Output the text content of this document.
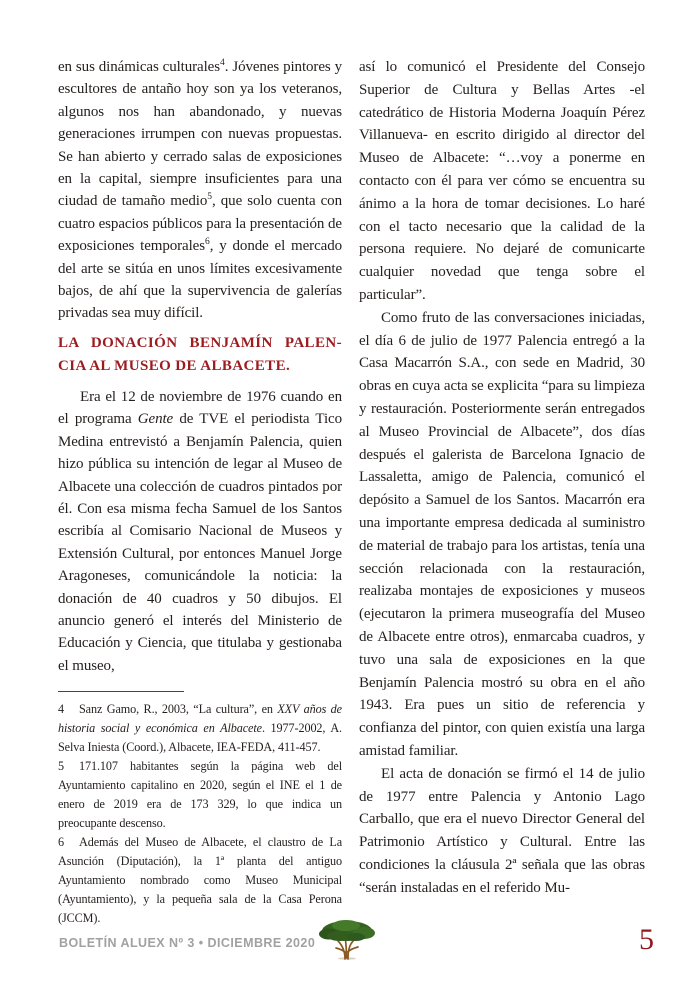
en sus dinámicas culturales$^4$. Jóvenes pintores y escultores de antaño hoy son ya los veteranos, algunos nos han abandonado, y nuevas generaciones irrumpen con nuevas propuestas. Se han abierto y cerrado salas de exposiciones en la capital, siempre insuficientes para una ciudad de tamaño medio$^5$, que solo cuenta con cuatro espacios públicos para la presentación de exposiciones temporales$^6$, y donde el mercado del arte se sitúa en unos límites excesivamente bajos, de ahí que la supervivencia de galerías privadas sea muy difícil.

LA DONACIÓN BENJAMÍN PALEN-
CIA AL MUSEO DE ALBACETE.

Era el 12 de noviembre de 1976 cuando en el programa Gente de TVE el periodista Tico Medina entrevistó a Benjamín Palencia, quien hizo pública su intención de legar al Museo de Albacete una colección de cuadros pintados por él. Con esa misma fecha Samuel de los Santos escribía al Comisario Nacional de Museos y Extensión Cultural, por entonces Manuel Jorge Aragoneses, comunicándole la noticia: la donación de 40 cuadros y 50 dibujos. El anuncio generó el interés del Ministerio de Educación y Ciencia, que titulaba y gestionaba el museo,

4 Sanz Gamo, R., 2003, “La cultura”, en XXV años de historia social y económica en Albacete. 1977-2002, A. Selva Iniesta (Coord.), Albacete, IEA-FEDA, 411-457.

5 171.107 habitantes según la página web del Ayuntamiento capitalino en 2020, según el INE el 1 de enero de 2019 era de 173 329, lo que indica un preocupante descenso.

6 Además del Museo de Albacete, el claustro de La Asunción (Diputación), la 1ª planta del antiguo Ayuntamiento nombrado como Museo Municipal (Ayuntamiento), y la pequeña sala de la Casa Perona (JCCM).

así lo comunicó el Presidente del Consejo Superior de Cultura y Bellas Artes -el catedrático de Historia Moderna Joaquín Pérez Villanueva- en escrito dirigido al director del Museo de Albacete: “…voy a ponerme en contacto con él para ver cómo se encuentra su ánimo a la hora de tomar decisiones. Lo haré con el tacto necesario que la calidad de la persona requiere. No dejaré de comunicarte cualquier novedad que tenga sobre el particular”.

Como fruto de las conversaciones iniciadas, el día 6 de julio de 1977 Palencia entregó a la Casa Macarrón S.A., con sede en Madrid, 30 obras en cuya acta se explicita “para su limpieza y restauración. Posteriormente serán entregados al Museo Provincial de Albacete”, dos días después el galerista de Barcelona Ignacio de Lassaletta, amigo de Palencia, comunicó el depósito a Samuel de los Santos. Macarrón era una importante empresa dedicada al suministro de material de trabajo para los artistas, tenía una sección relacionada con la restauración, realizaba montajes de exposiciones y museos (ejecutaron la primera museografía del Museo de Albacete entre otros), enmarcaba cuadros, y tuvo una sala de exposiciones en la que Benjamín Palencia mostró su obra en el año 1943. Era pues un sitio de referencia y confianza del pintor, con quien existía una larga amistad familiar.

El acta de donación se firmó el 14 de julio de 1977 entre Palencia y Antonio Lago Carballo, que era el nuevo Director General del Patrimonio Artístico y Cultural. Entre las condiciones la cláusula 2ª señala que las obras “serán instaladas en el referido Mu-

BOLETÍN ALUEX Nº 3 • DICIEMBRE 2020	5
